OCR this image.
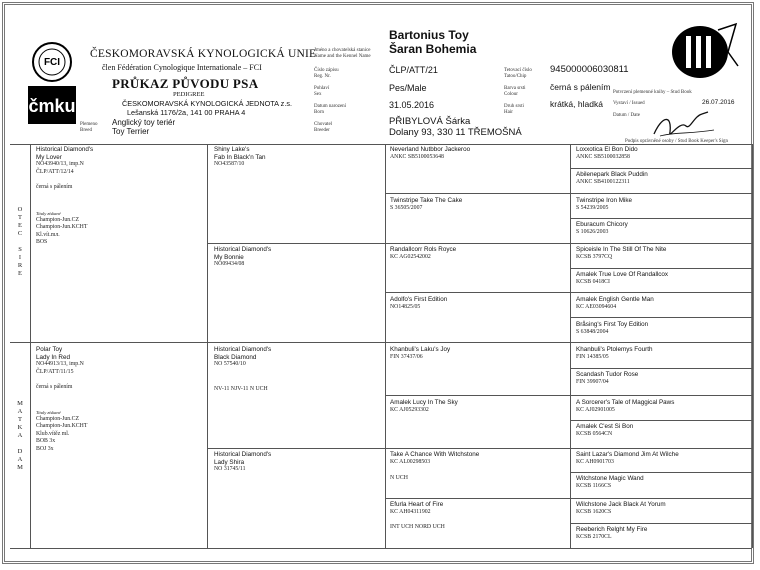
FCI
čmku
ČESKOMORAVSKÁ KYNOLOGICKÁ UNIE
člen Fédération Cynologique Internationale – FCI
PRŮKAZ PŮVODU PSA
PEDIGREE
ČESKOMORAVSKÁ KYNOLOGICKÁ JEDNOTA z.s.
Lešanská 1176/2a, 141 00 PRAHA 4
Plemeno
Breed
Anglický toy teriér
Toy Terrier
Jméno a chovatelská stanice
Name and the Kennel Name
Číslo zápisu
Reg. Nr.
Pohlaví
Sex
Datum narození
Born
Chovatel
Breeder
Bartonius Toy
Šaran Bohemia
ČLP/ATT/21
Pes/Male
31.05.2016
PŘIBYLOVÁ Šárka
Dolany 93, 330 11 TŘEMOŠNÁ
Tetovací číslo
Tatoo/Chip
Barva srsti
Colour
Druh srsti
Hair
945000006030811
černá s pálením
krátká, hladká
Potvrzení plemenné knihy – Stud Book
Vystaví / Issued	26.07.2016
Datum / Date
Podpis oprávněné osoby / Stud Book Keeper's Sign
O
T
E
C
S
I
R
E
M
A
T
K
A
D
A
M
Historical Diamond's
My Lover
NO43940/13, imp.N
ČLP/ATT/12/14
černá s pálením
Tituly získané
Champion-Jun.CZ
Champion-Jun.KCHT
Kl.vít.mл.
BOS
Polar Toy
Lady In Red
NO44913/13, imp.N
ČLP/ATT/11/15
černá s pálením
Tituly získané
Champion-Jun.CZ
Champion-Jun.KCHT
Klub.vítěz ml.
BOB 3x
BOJ 3x
Shiny Lake's
Fab In Black'n Tan
NO43587/10
Historical Diamond's
My Bonnie
NO09434/08
Historical Diamond's
Black Diamond
NO 57540/10
NV-11 NJV-11 N UCH
Historical Diamond's
Lady Shira
NO 31745/11
Neverland Nutbbor Jackeroo
ANKC SB5100053648
Twinstripe Take The Cake
S 36505/2007
Randallcorr Rols Royce
KC AG02542002
Adolfo's First Edition
NO14825/05
Khanbuli's Laku's Joy
FIN 37437/06
Amalek Lucy In The Sky
KC AJ05293302
Take A Chance With Witchstone
KC AL00298503
N UCH
Efurla Heart of Fire
KC AH04311902
INT UCH NORD UCH
Loxxotica El Bon Dido
ANKC SB5100032858
Abilenepark Black Puddin
ANKC SB4100122311
Twinstripe Iron Mike
S 54239/2005
Eburacum Chicory
S 10626/2003
Spiceisle In The Still Of The Nite
KCSB 3797CQ
Amalek True Love Of Randallcox
KCSB 0418CI
Amalek English Gentle Man
KC AE03094604
Bråsing's First Toy Edition
S 63848/2004
Khanbuli's Ptolemys Fourth
FIN 14385/05
Scandash Tudor Rose
FIN 39907/04
A Sorcerer's Tale of Maggical Paws
KC AJ02901005
Amalek C'est Si Bon
KCSB 0564CN
Saint Lazar's Diamond Jim At Wilche
KC AH0901703
Witchstone Magic Wand
KCSB 1166CS
Wilchstone Jack Black At Yorum
KCSB 1620CS
Reeberich Relght My Fire
KCSB 2170CL
